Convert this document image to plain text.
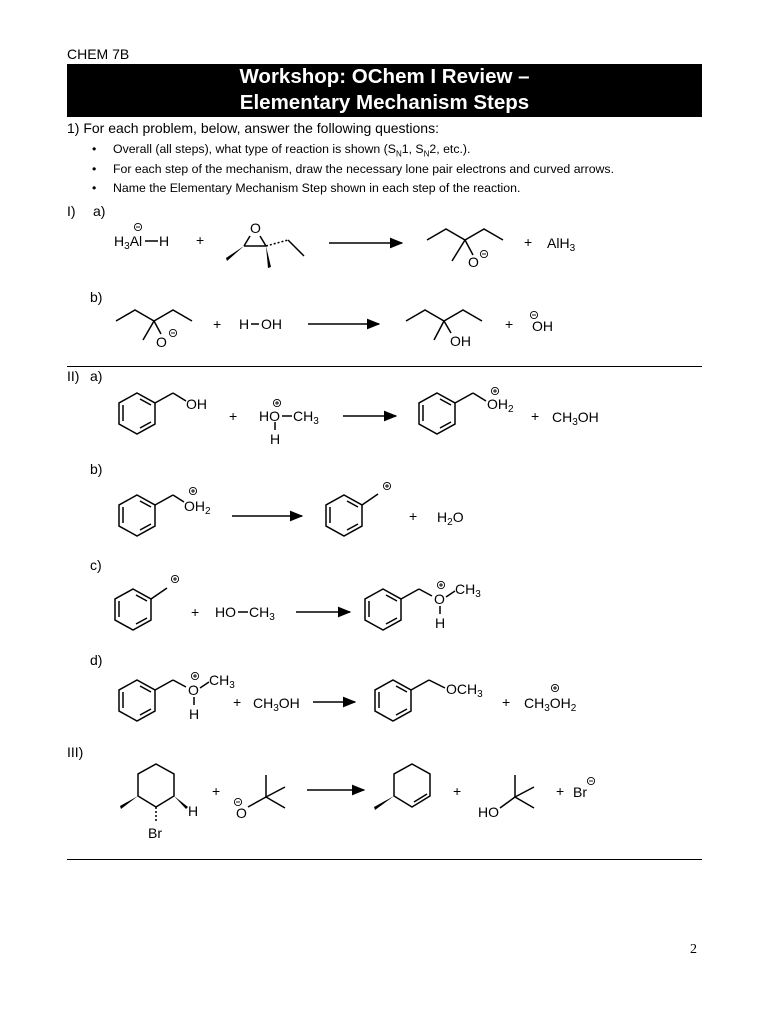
CHEM 7B
Workshop: OChem I Review –
Elementary Mechanism Steps
1) For each problem, below, answer the following questions:
• Overall (all steps), what type of reaction is shown ($S_N1$, $S_N2$, etc.).
• For each step of the mechanism, draw the necessary lone pair electrons and curved arrows.
• Name the Elementary Mechanism Step shown in each step of the reaction.
I) a)
b)
II) a)
b)
c)
d)
III)
$H_3Al$ H +
O
O
+ AlH$_3$
O
+ H OH
OH
+ OH
OH
+ HO $CH_3$
H
$OH_2 + CH_3OH$
$OH_2$	+ $H_2O$
+ HO $CH_3$
O
$CH_3$
H
O
$CH_3$
H
+ $CH_3OH$
$OCH_3 + CH_3OH_2$
H
Br
+
O
+
HO
+ Br
2
